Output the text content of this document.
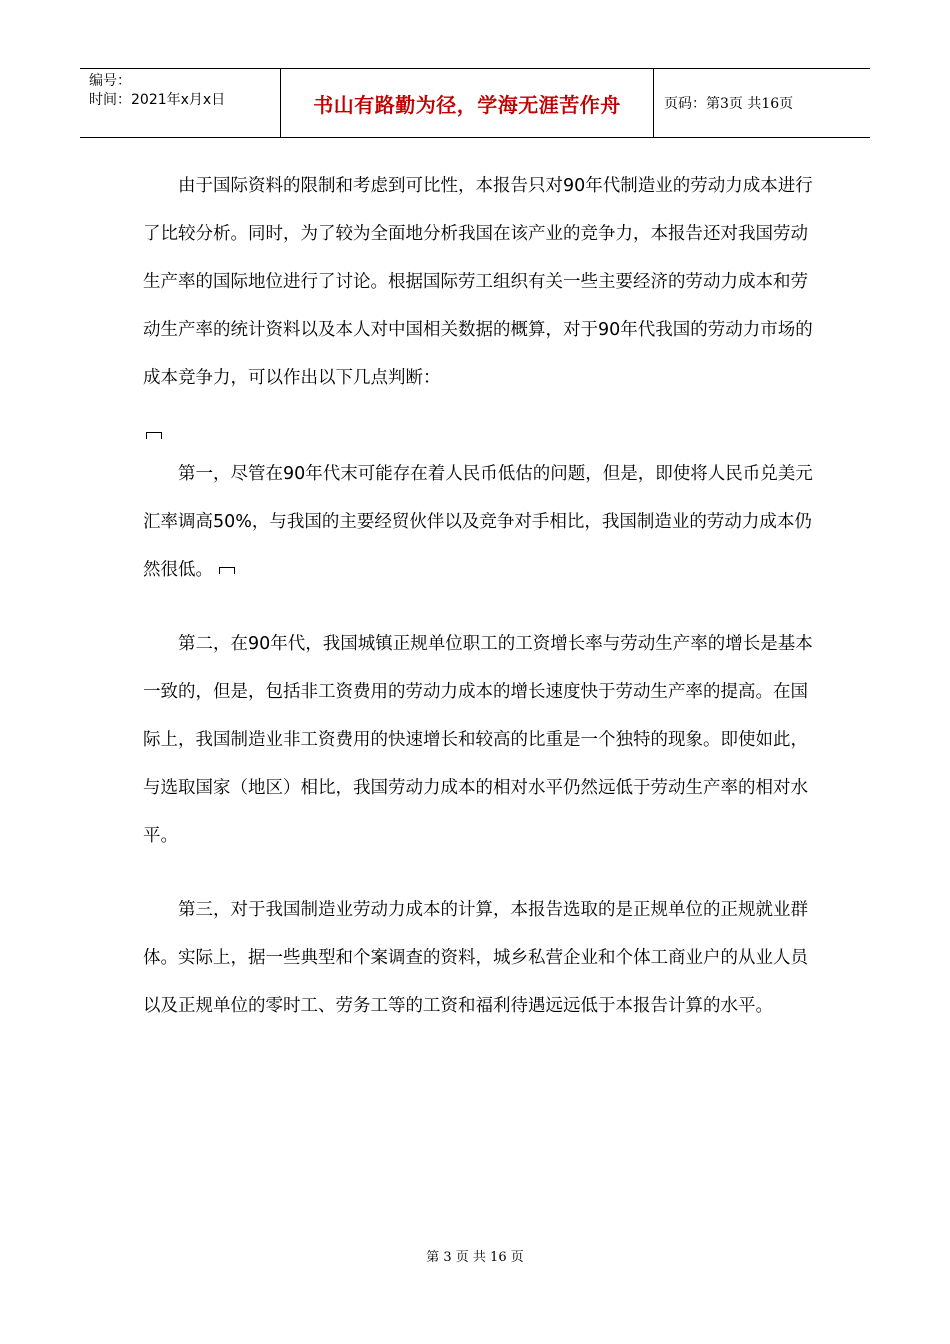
编号：
时间：2021年x月x日	书山有路勤为径，学海无涯苦作舟	页码：第3页 共16页

由于国际资料的限制和考虑到可比性，本报告只对90年代制造业的劳动力成本进行了比较分析。同时，为了较为全面地分析我国在该产业的竞争力，本报告还对我国劳动生产率的国际地位进行了讨论。根据国际劳工组织有关一些主要经济的劳动力成本和劳动生产率的统计资料以及本人对中国相关数据的概算，对于90年代我国的劳动力市场的成本竞争力，可以作出以下几点判断：

第一，尽管在90年代末可能存在着人民币低估的问题，但是，即使将人民币兑美元汇率调高50%，与我国的主要经贸伙伴以及竞争对手相比，我国制造业的劳动力成本仍然很低。

第二，在90年代，我国城镇正规单位职工的工资增长率与劳动生产率的增长是基本一致的，但是，包括非工资费用的劳动力成本的增长速度快于劳动生产率的提高。在国际上，我国制造业非工资费用的快速增长和较高的比重是一个独特的现象。即使如此，与选取国家（地区）相比，我国劳动力成本的相对水平仍然远低于劳动生产率的相对水平。

第三，对于我国制造业劳动力成本的计算，本报告选取的是正规单位的正规就业群体。实际上，据一些典型和个案调查的资料，城乡私营企业和个体工商业户的从业人员以及正规单位的零时工、劳务工等的工资和福利待遇远远低于本报告计算的水平。

第 3 页 共 16 页
